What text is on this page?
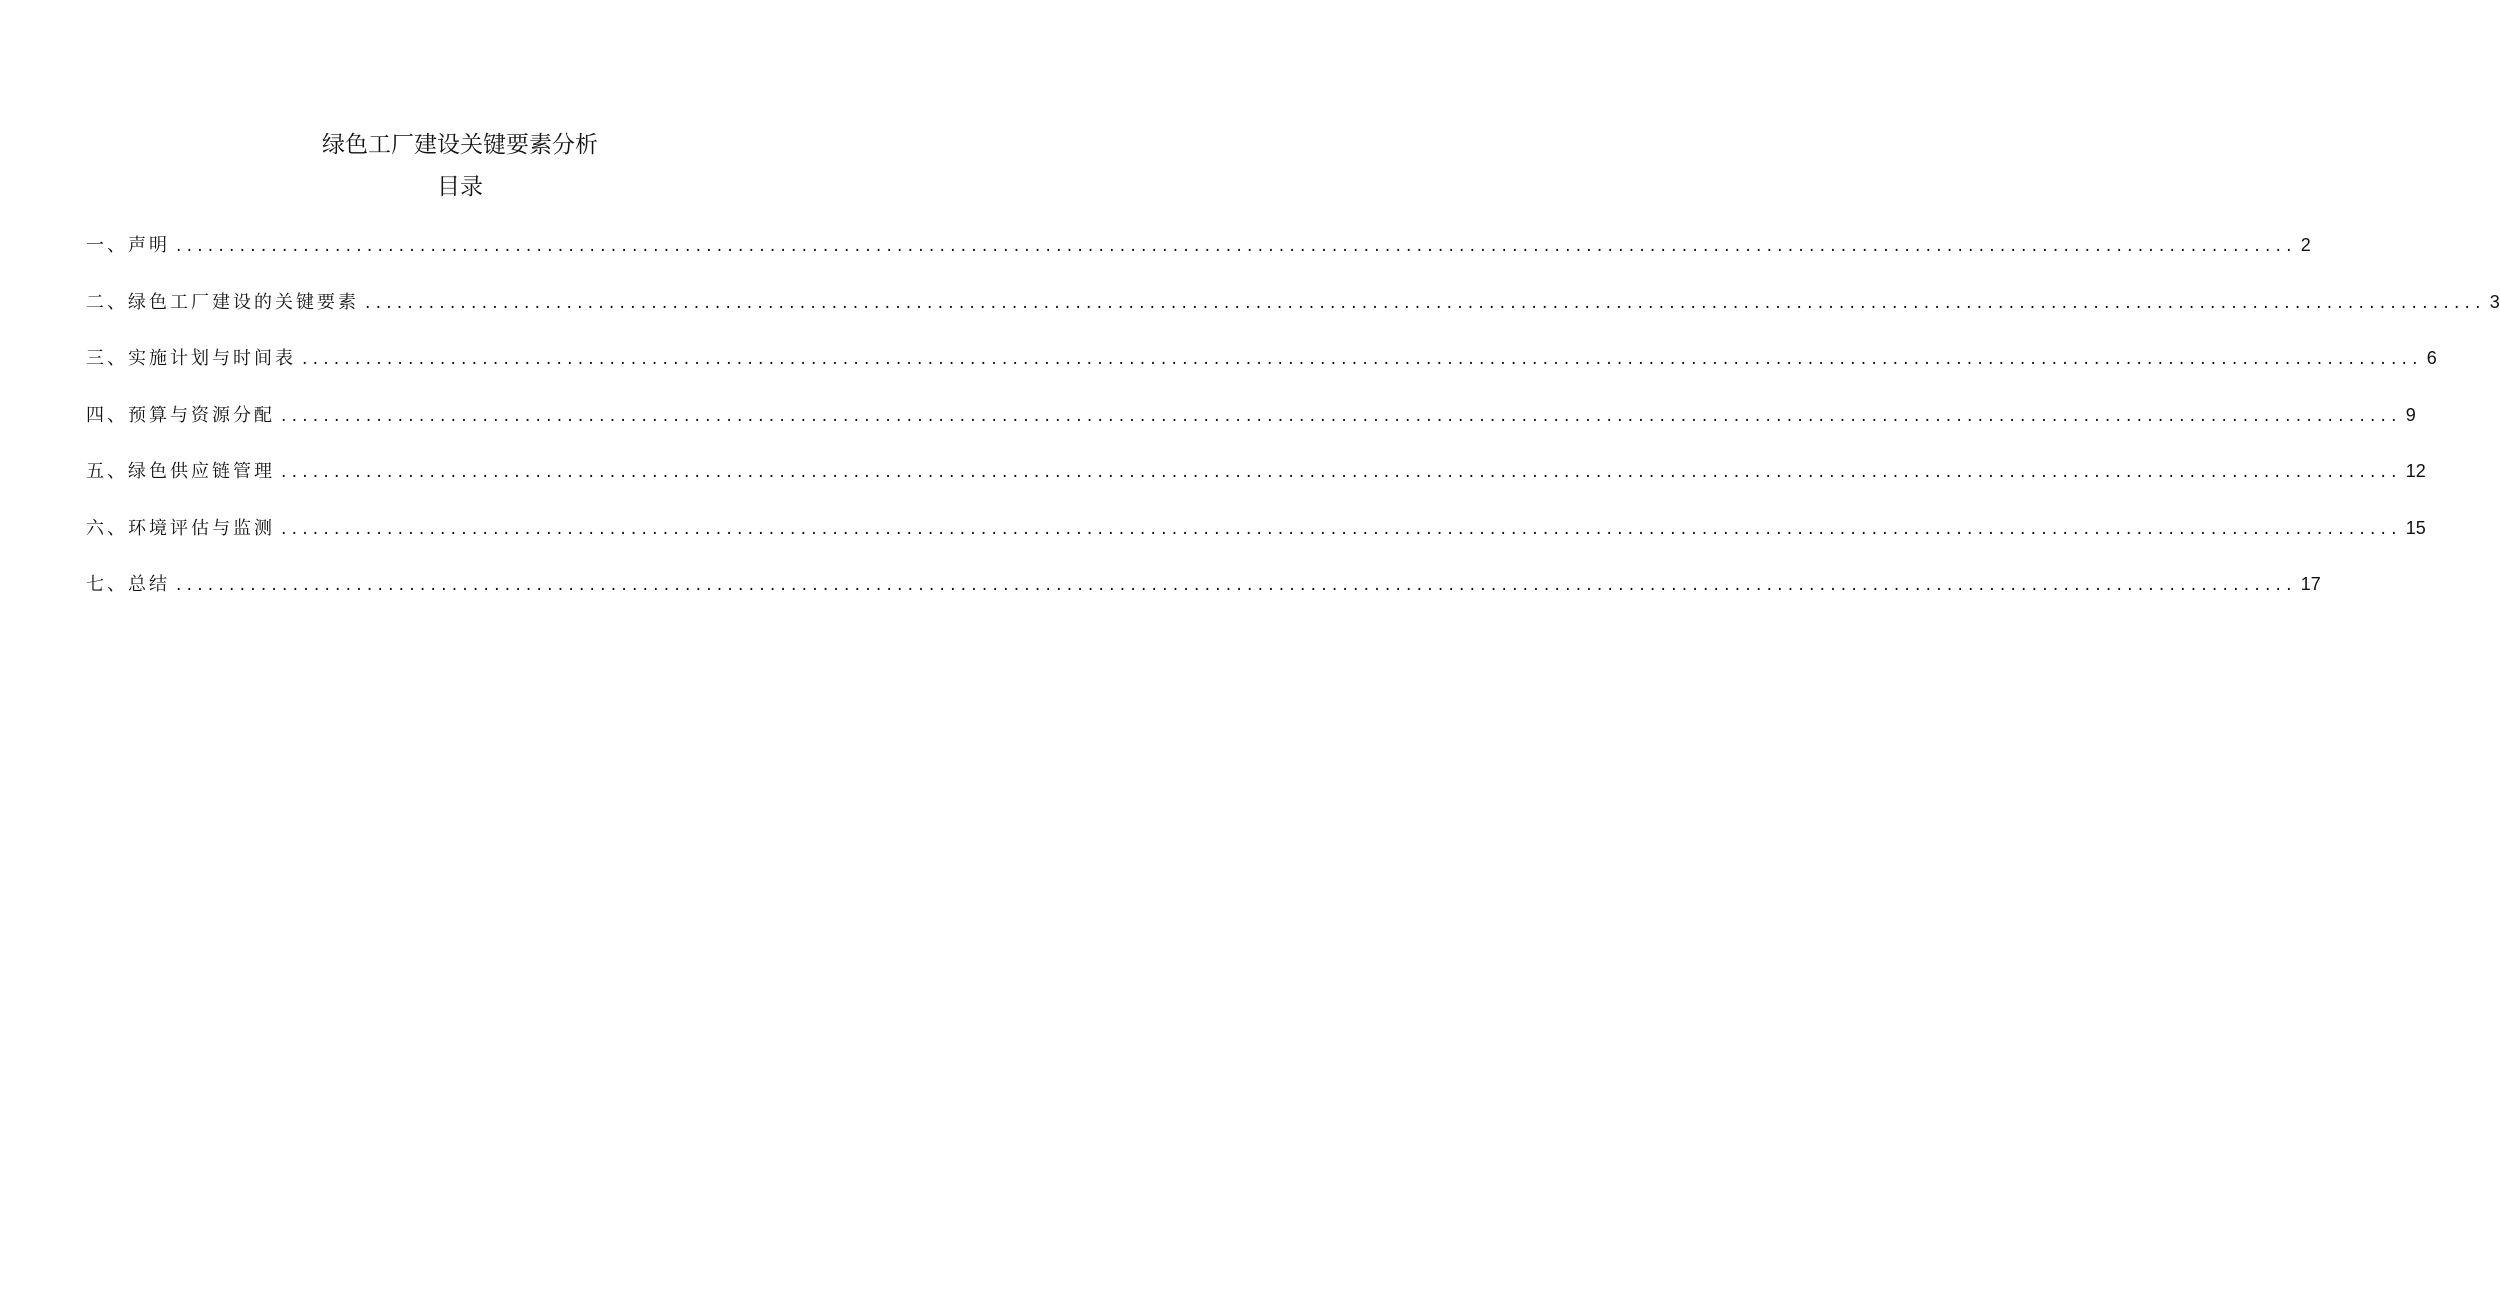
绿色工厂建设关键要素分析
目录
一、声明 ........................................................................................................................................................................................................ 2
二、绿色工厂建设的关键要素 ........................................................................................................................................................................................................ 3
三、实施计划与时间表 ........................................................................................................................................................................................................ 6
四、预算与资源分配 ........................................................................................................................................................................................................ 9
五、绿色供应链管理 ........................................................................................................................................................................................................ 12
六、环境评估与监测 ........................................................................................................................................................................................................ 15
七、总结 ........................................................................................................................................................................................................ 17
